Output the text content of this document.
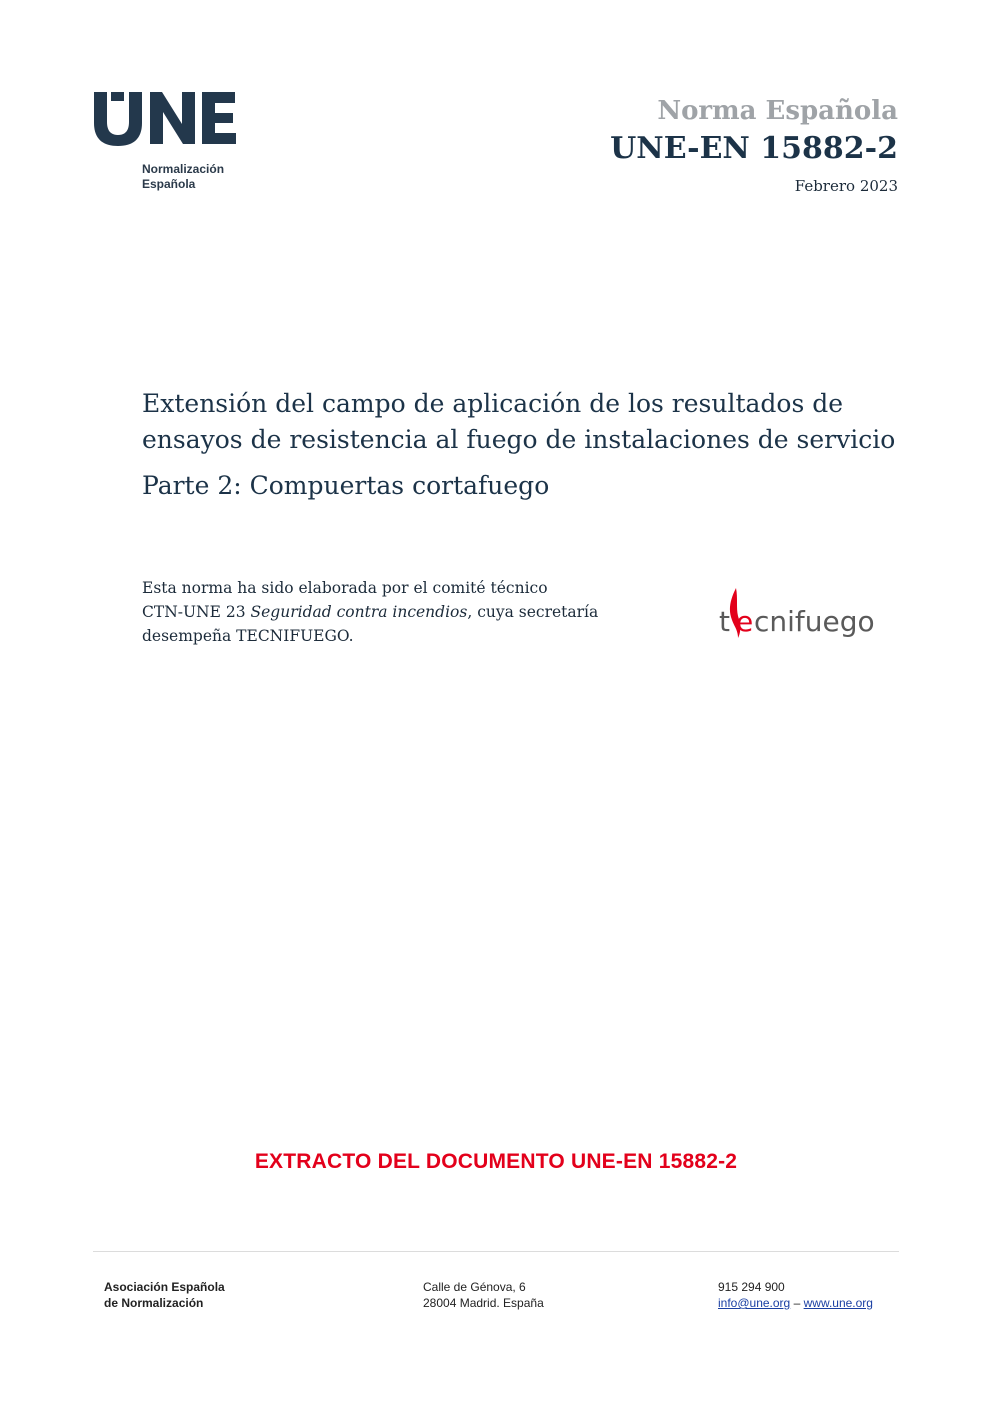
Normalización
Española
Norma Española
UNE-EN 15882-2
Febrero 2023
Extensión del campo de aplicación de los resultados de
ensayos de resistencia al fuego de instalaciones de servicio
Parte 2: Compuertas cortafuego
Esta norma ha sido elaborada por el comité técnico
CTN-UNE 23 Seguridad contra incendios, cuya secretaría
desempeña TECNIFUEGO.	t e cnifuego
EXTRACTO DEL DOCUMENTO UNE-EN 15882-2
Asociación Española
de Normalización
Calle de Génova, 6
28004 Madrid. España
915 294 900
info@une.org – www.une.org
